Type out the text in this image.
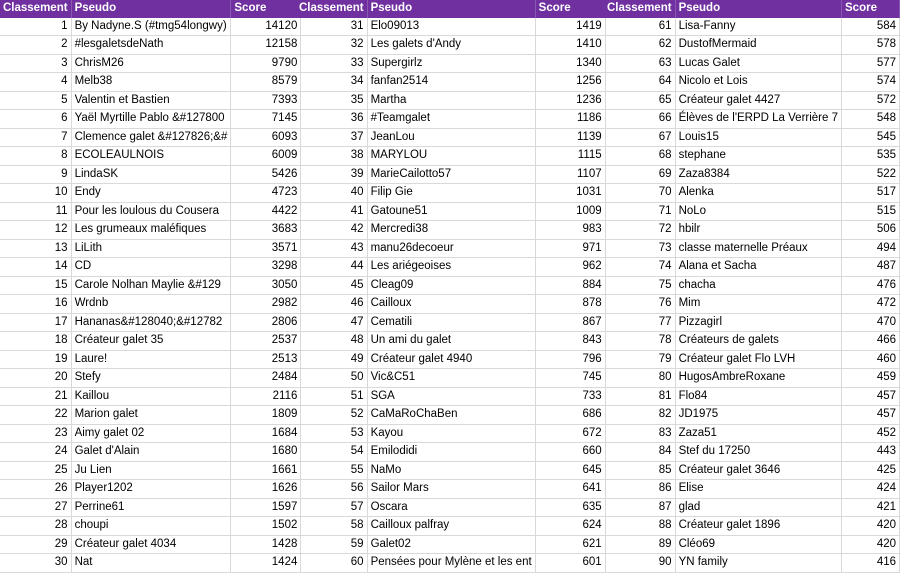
Classement	Pseudo	Score
1	By Nadyne.S (#tmg54longwy)	14120
2	#lesgaletsdeNath	12158
3	ChrisM26	9790
4	Melb38	8579
5	Valentin et Bastien	7393
6	Yaël Myrtille Pablo &#127800	7145
7	Clemence galet &#127826;&#	6093
8	ECOLEAULNOIS	6009
9	LindaSK	5426
10	Endy	4723
11	Pour les loulous du Cousera	4422
12	Les grumeaux maléfiques	3683
13	LiLith	3571
14	CD	3298
15	Carole Nolhan Maylie &#129	3050
16	Wrdnb	2982
17	Hananas&#128040;&#12782	2806
18	Créateur galet 35	2537
19	Laure!	2513
20	Stefy	2484
21	Kaillou	2116
22	Marion galet	1809
23	Aimy galet 02	1684
24	Galet d'Alain	1680
25	Ju Lien	1661
26	Player1202	1626
27	Perrine61	1597
28	choupi	1502
29	Créateur galet 4034	1428
30	Nat	1424
Classement	Pseudo	Score
31	Elo09013	1419
32	Les galets d'Andy	1410
33	Supergirlz	1340
34	fanfan2514	1256
35	Martha	1236
36	#Teamgalet	1186
37	JeanLou	1139
38	MARYLOU	1115
39	MarieCailotto57	1107
40	Filip Gie	1031
41	Gatoune51	1009
42	Mercredi38	983
43	manu26decoeur	971
44	Les ariégeoises	962
45	Cleag09	884
46	Cailloux	878
47	Cematili	867
48	Un ami du galet	843
49	Créateur galet 4940	796
50	Vic&C51	745
51	SGA	733
52	CaMaRoChaBen	686
53	Kayou	672
54	Emilodidi	660
55	NaMo	645
56	Sailor Mars	641
57	Oscara	635
58	Cailloux palfray	624
59	Galet02	621
60	Pensées pour Mylène et les ent	601
Classement	Pseudo	Score
61	Lisa-Fanny	584
62	DustofMermaid	578
63	Lucas Galet	577
64	Nicolo et Lois	574
65	Créateur galet 4427	572
66	Élèves de l'ERPD La Verrière 7	548
67	Louis15	545
68	stephane	535
69	Zaza8384	522
70	Alenka	517
71	NoLo	515
72	hbilr	506
73	classe maternelle Préaux	494
74	Alana et Sacha	487
75	chacha	476
76	Mim	472
77	Pizzagirl	470
78	Créateurs de galets	466
79	Créateur galet Flo LVH	460
80	HugosAmbreRoxane	459
81	Flo84	457
82	JD1975	457
83	Zaza51	452
84	Stef du 17250	443
85	Créateur galet 3646	425
86	Elise	424
87	glad	421
88	Créateur galet 1896	420
89	Cléo69	420
90	YN family	416
